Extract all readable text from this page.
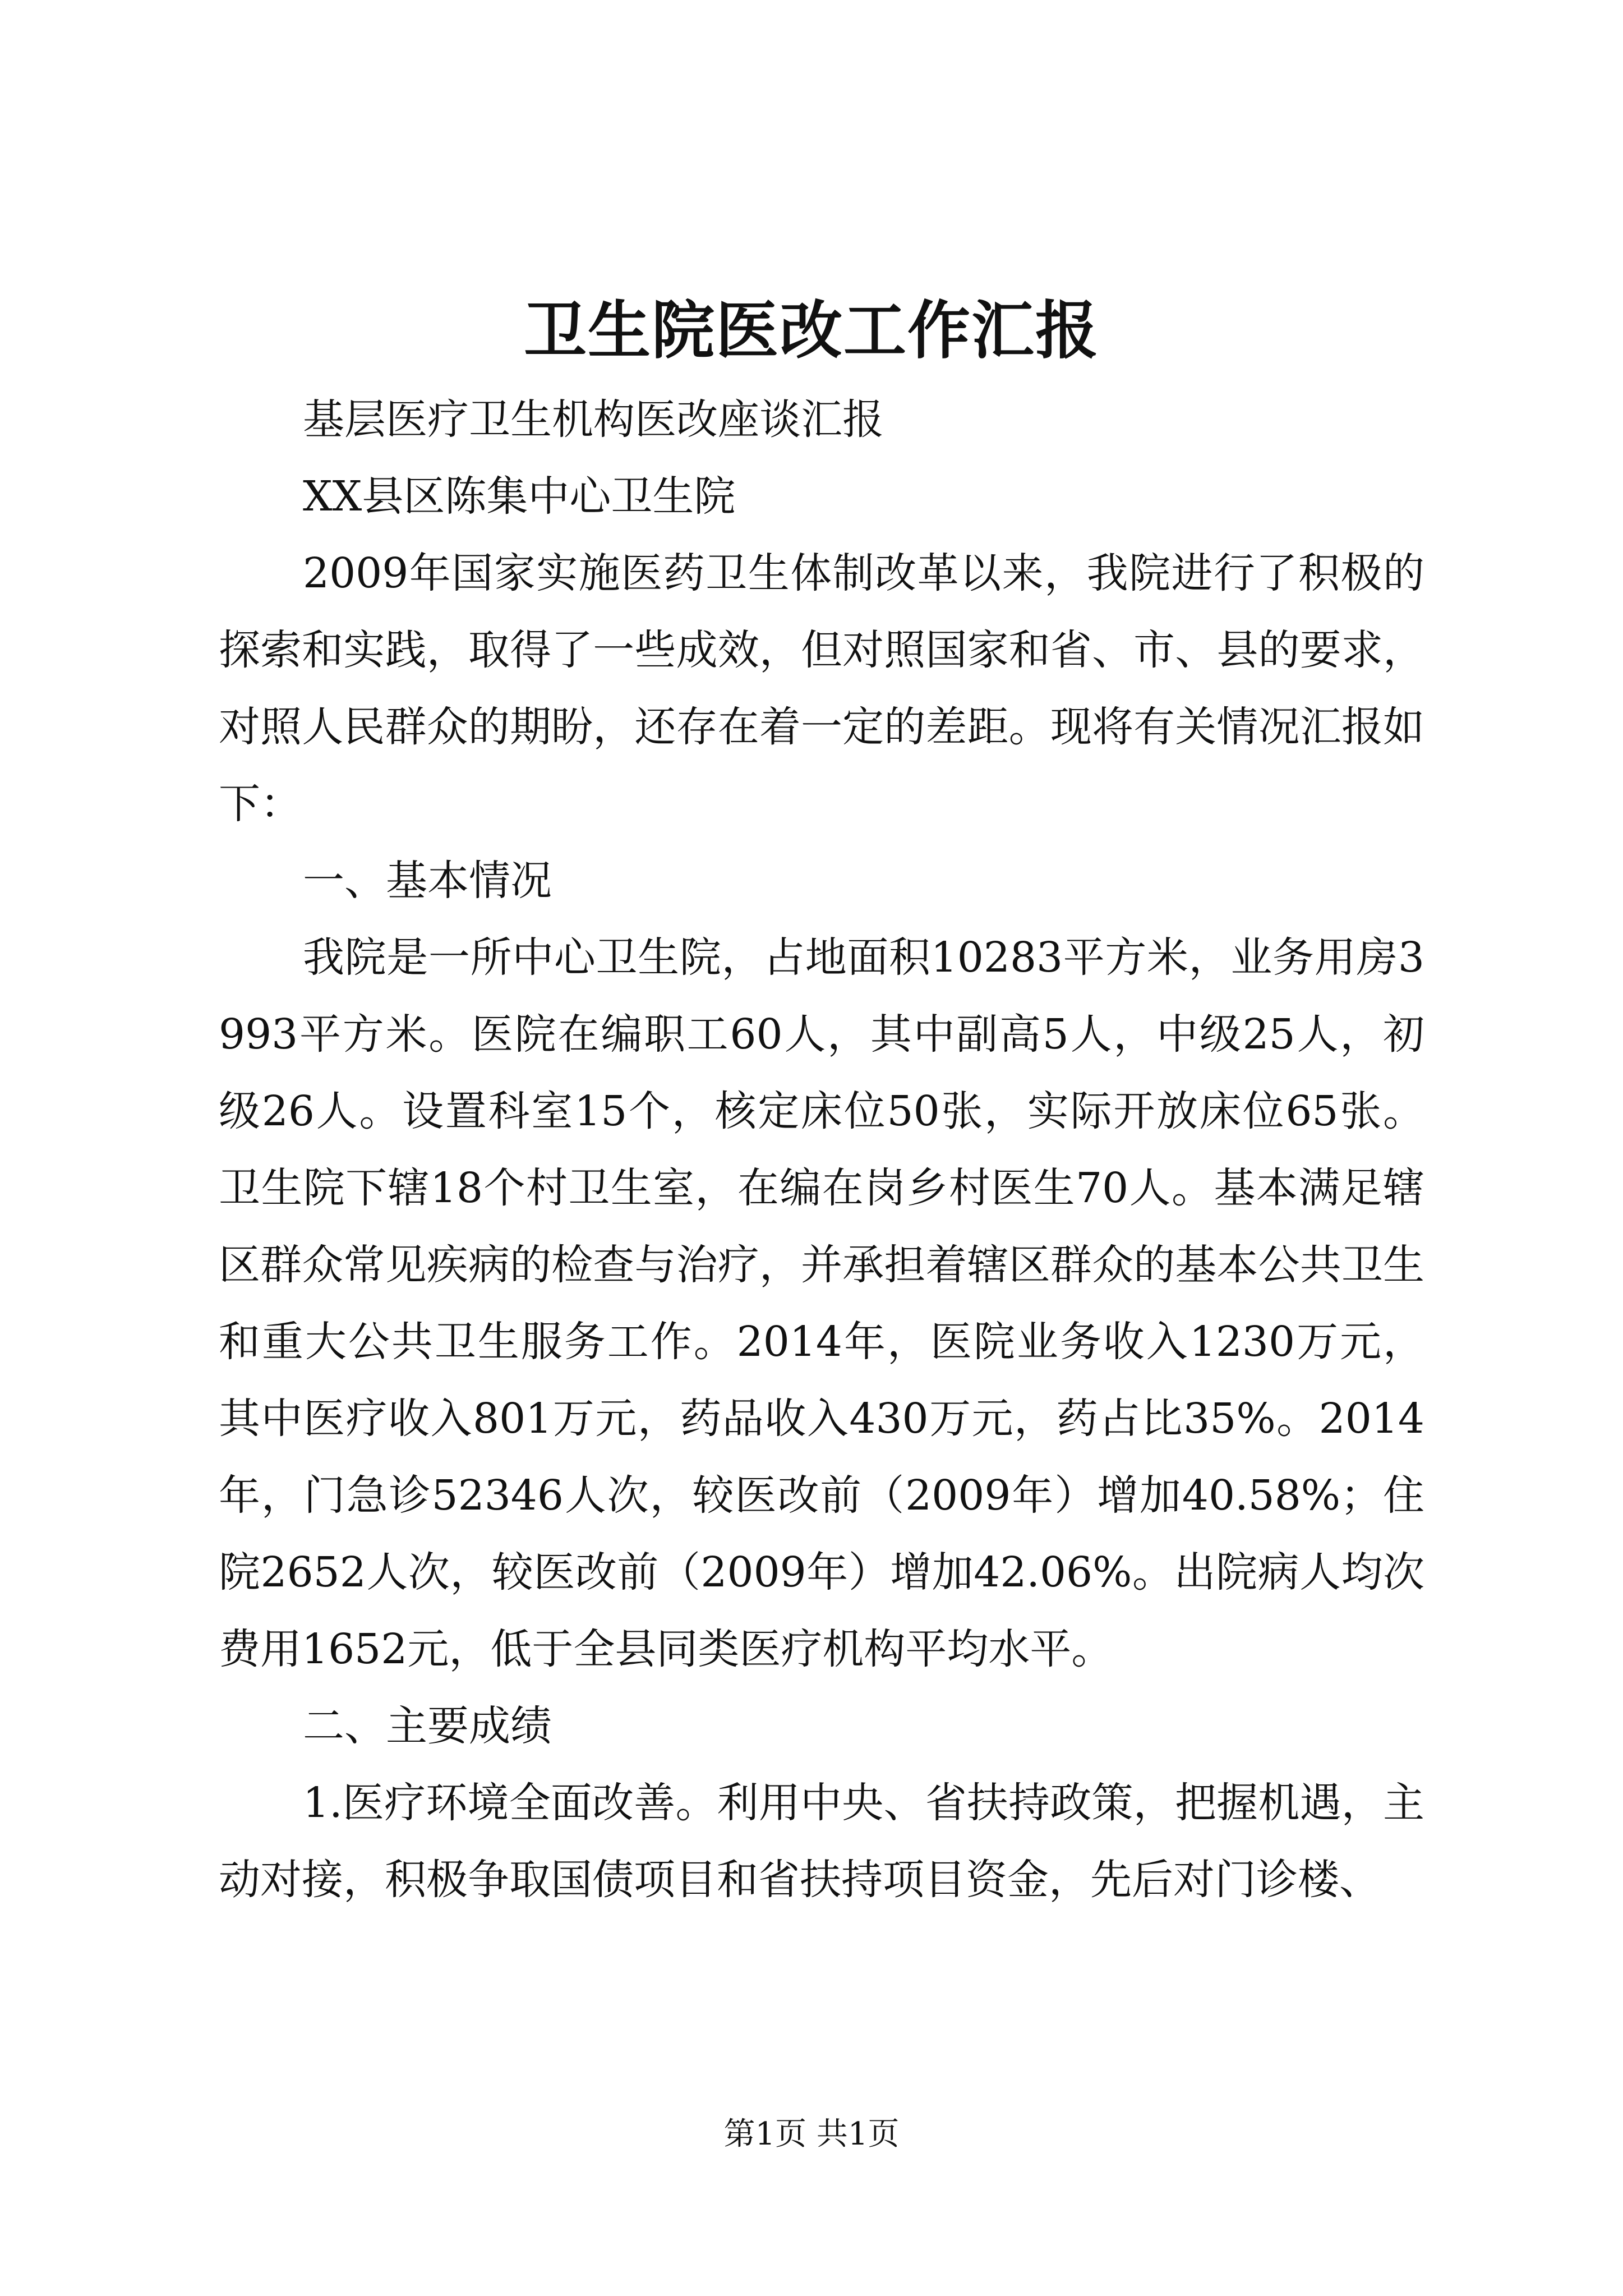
卫生院医改工作汇报

基层医疗卫生机构医改座谈汇报

XX县区陈集中心卫生院

2009年国家实施医药卫生体制改革以来，我院进行了积极的探索和实践，取得了一些成效，但对照国家和省、市、县的要求，对照人民群众的期盼，还存在着一定的差距。现将有关情况汇报如下：

一、基本情况

我院是一所中心卫生院，占地面积10283平方米，业务用房3993平方米。医院在编职工60人，其中副高5人，中级25人，初级26人。设置科室15个，核定床位50张，实际开放床位65张。卫生院下辖18个村卫生室，在编在岗乡村医生70人。基本满足辖区群众常见疾病的检查与治疗，并承担着辖区群众的基本公共卫生和重大公共卫生服务工作。2014年，医院业务收入1230万元，其中医疗收入801万元，药品收入430万元，药占比35%。2014年，门急诊52346人次，较医改前（2009年）增加40.58%；住院2652人次，较医改前（2009年）增加42.06%。出院病人均次费用1652元，低于全县同类医疗机构平均水平。

二、主要成绩

1.医疗环境全面改善。利用中央、省扶持政策，把握机遇，主动对接，积极争取国债项目和省扶持项目资金，先后对门诊楼、

第1页 共1页
